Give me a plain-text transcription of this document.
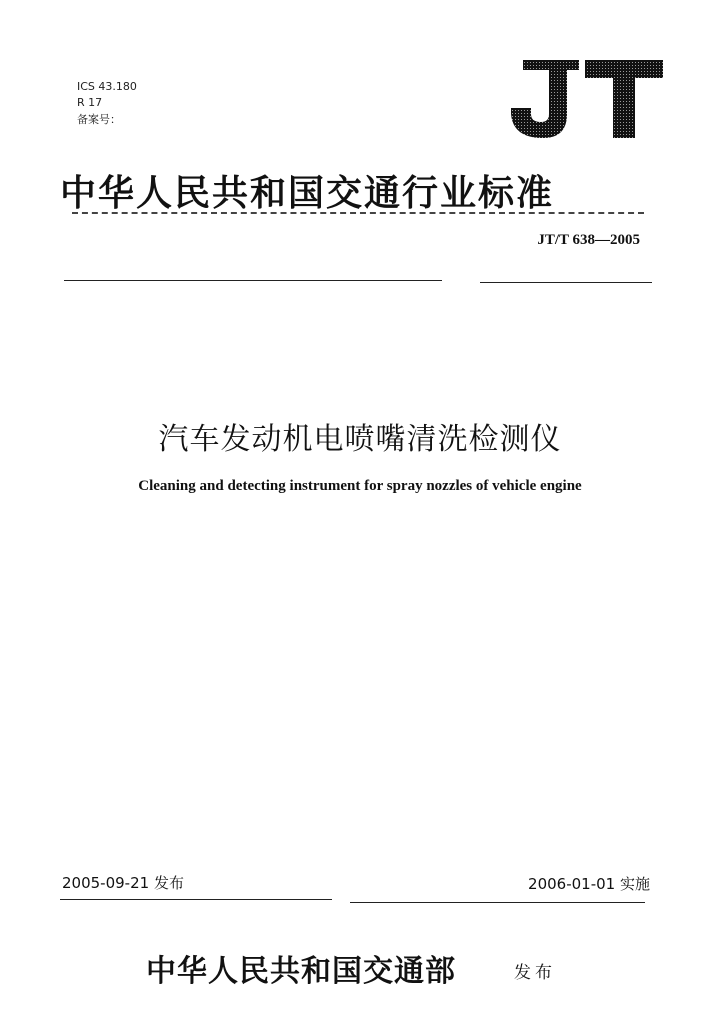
ICS 43.180
R 17
备案号：
中华人民共和国交通行业标准
JT/T 638—2005
汽车发动机电喷嘴清洗检测仪
Cleaning and detecting instrument for spray nozzles of vehicle engine
2005-09-21 发布	2006-01-01 实施
中华人民共和国交通部	发布
